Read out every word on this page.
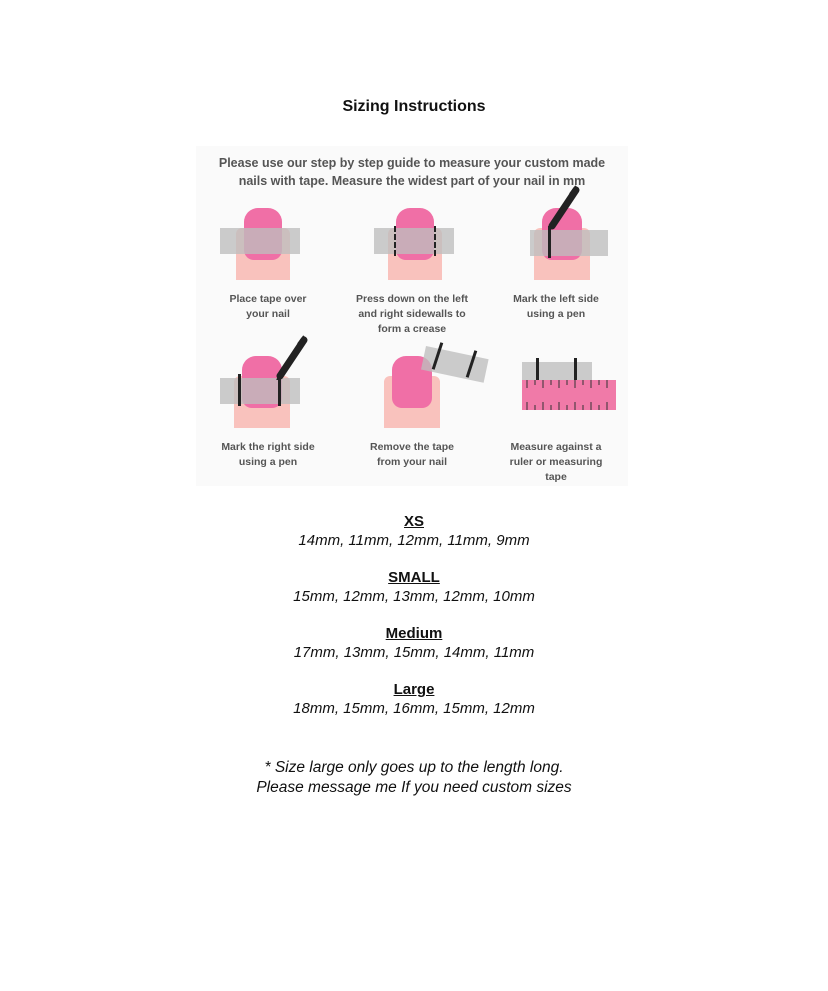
Sizing Instructions
Please use our step by step guide to measure your custom made
nails with tape. Measure the widest part of your nail in mm
Place tape over
your nail
Press down on the left
and right sidewalls to
form a crease
Mark the left side
using a pen
Mark the right side
using a pen
Remove the tape
from your nail
Measure against a
ruler or measuring
tape
XS
14mm, 11mm, 12mm, 11mm, 9mm
SMALL
15mm, 12mm, 13mm, 12mm, 10mm
Medium
17mm, 13mm, 15mm, 14mm, 11mm
Large
18mm, 15mm, 16mm, 15mm, 12mm
* Size large only goes up to the length long.
Please message me If you need custom sizes
